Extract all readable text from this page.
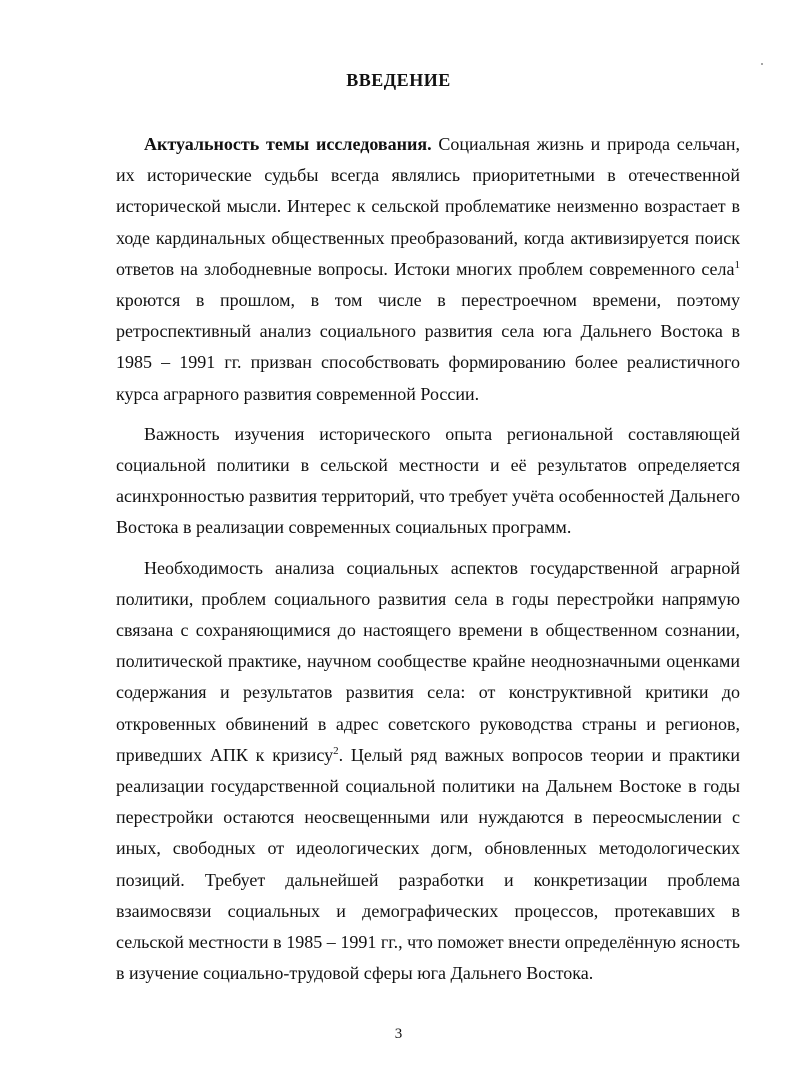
ВВЕДЕНИЕ

Актуальность темы исследования. Социальная жизнь и природа сельчан, их исторические судьбы всегда являлись приоритетными в отечественной исторической мысли. Интерес к сельской проблематике неизменно возрастает в ходе кардинальных общественных преобразований, когда активизируется поиск ответов на злободневные вопросы. Истоки многих проблем современного села$^1$ кроются в прошлом, в том числе в перестроечном времени, поэтому ретроспективный анализ социального развития села юга Дальнего Востока в 1985 – 1991 гг. призван способствовать формированию более реалистичного курса аграрного развития современной России.

Важность изучения исторического опыта региональной составляющей социальной политики в сельской местности и её результатов определяется асинхронностью развития территорий, что требует учёта особенностей Дальнего Востока в реализации современных социальных программ.

Необходимость анализа социальных аспектов государственной аграрной политики, проблем социального развития села в годы перестройки напрямую связана с сохраняющимися до настоящего времени в общественном сознании, политической практике, научном сообществе крайне неоднозначными оценками содержания и результатов развития села: от конструктивной критики до откровенных обвинений в адрес советского руководства страны и регионов, приведших АПК к кризису$^2$. Целый ряд важных вопросов теории и практики реализации государственной социальной политики на Дальнем Востоке в годы перестройки остаются неосвещенными или нуждаются в переосмыслении с иных, свободных от идеологических догм, обновленных методологических позиций. Требует дальнейшей разработки и конкретизации проблема взаимосвязи социальных и демографических процессов, протекавших в сельской местности в 1985 – 1991 гг., что поможет внести определённую ясность в изучение социально-трудовой сферы юга Дальнего Востока.

3
